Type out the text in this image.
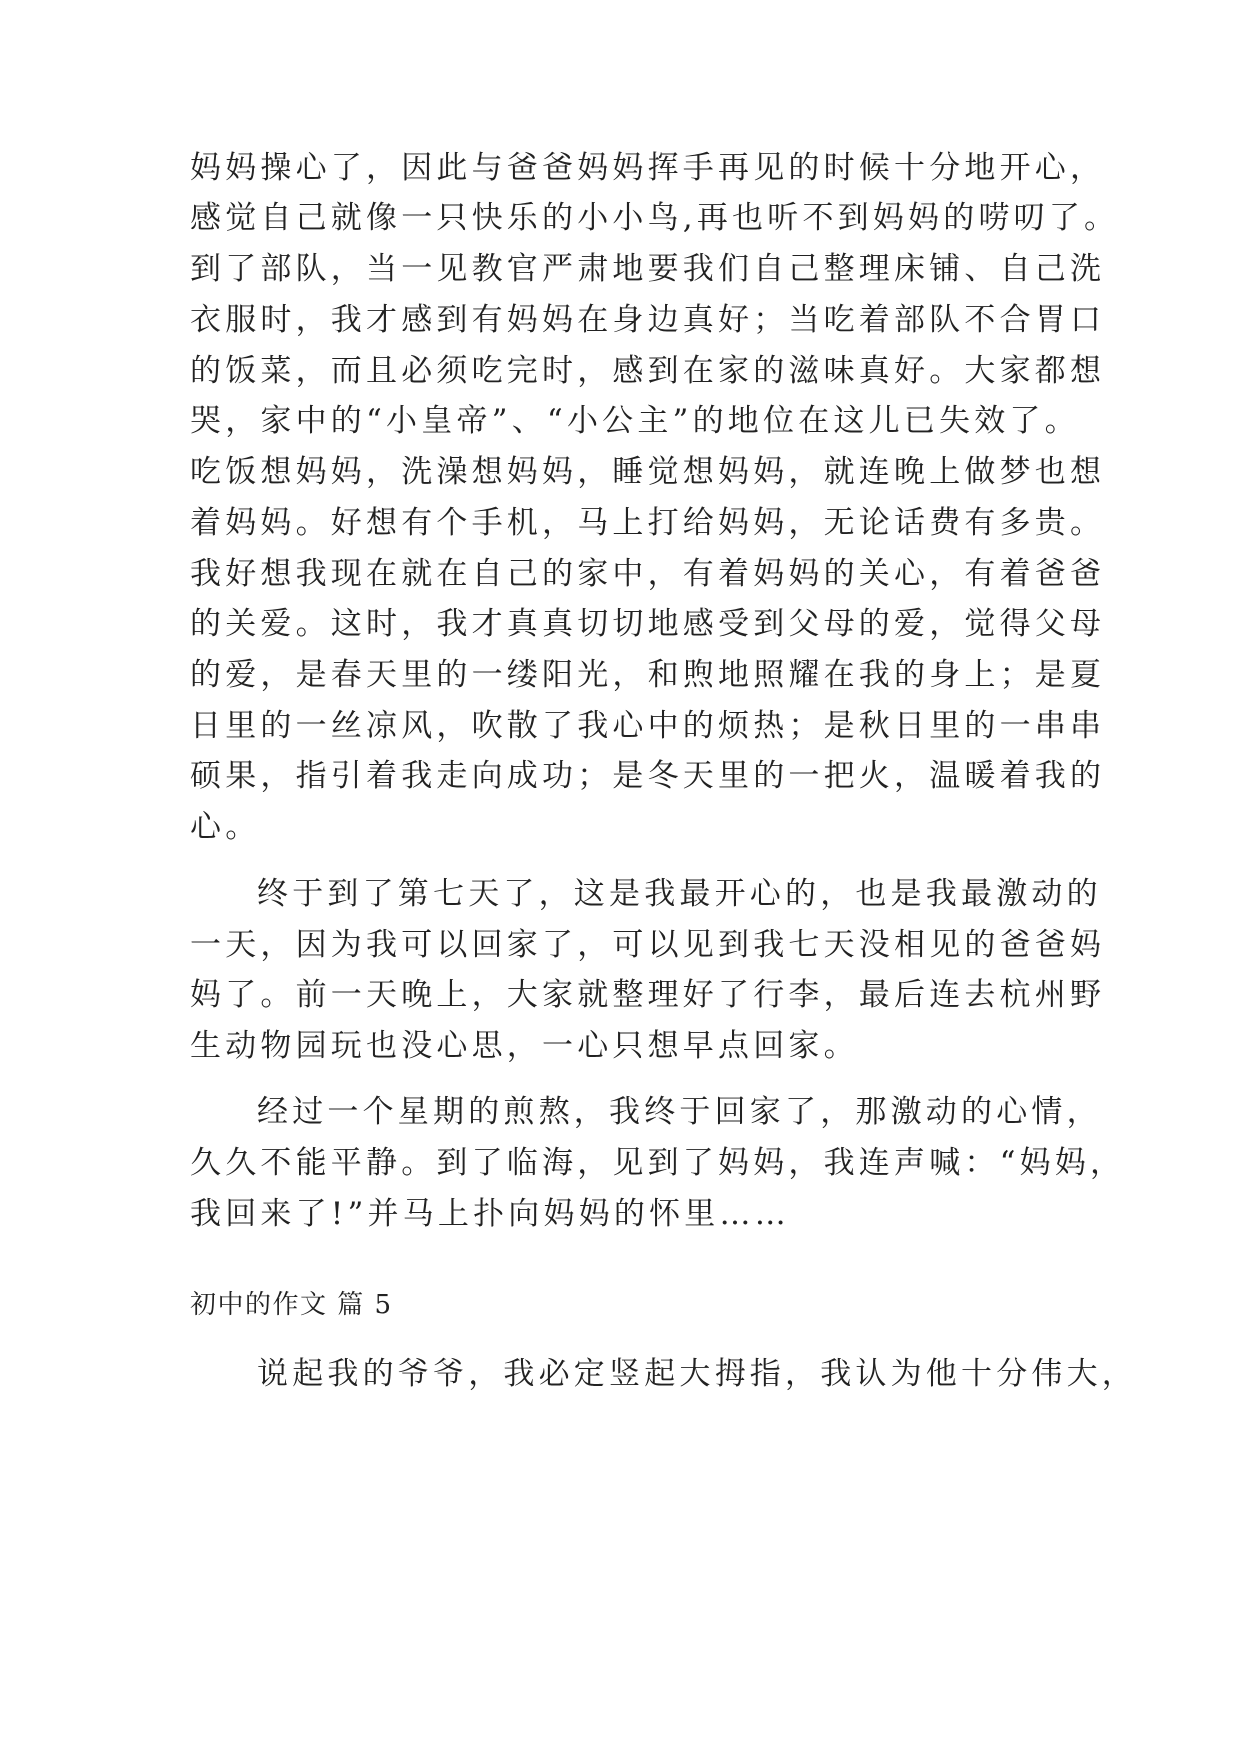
妈妈操心了，因此与爸爸妈妈挥手再见的时候十分地开心，
感觉自己就像一只快乐的小小鸟,再也听不到妈妈的唠叨了。
到了部队，当一见教官严肃地要我们自己整理床铺、自己洗
衣服时，我才感到有妈妈在身边真好；当吃着部队不合胃口
的饭菜，而且必须吃完时，感到在家的滋味真好。大家都想
哭，家中的“小皇帝”、“小公主”的地位在这儿已失效了。
吃饭想妈妈，洗澡想妈妈，睡觉想妈妈，就连晚上做梦也想
着妈妈。好想有个手机，马上打给妈妈，无论话费有多贵。
我好想我现在就在自己的家中，有着妈妈的关心，有着爸爸
的关爱。这时，我才真真切切地感受到父母的爱，觉得父母
的爱，是春天里的一缕阳光，和煦地照耀在我的身上；是夏
日里的一丝凉风，吹散了我心中的烦热；是秋日里的一串串
硕果，指引着我走向成功；是冬天里的一把火，温暖着我的
心。
终于到了第七天了，这是我最开心的，也是我最激动的
一天，因为我可以回家了，可以见到我七天没相见的爸爸妈
妈了。前一天晚上，大家就整理好了行李，最后连去杭州野
生动物园玩也没心思，一心只想早点回家。
经过一个星期的煎熬，我终于回家了，那激动的心情，
久久不能平静。到了临海，见到了妈妈，我连声喊：“妈妈，
我回来了!”并马上扑向妈妈的怀里……
初中的作文 篇 5
说起我的爷爷，我必定竖起大拇指，我认为他十分伟大，
